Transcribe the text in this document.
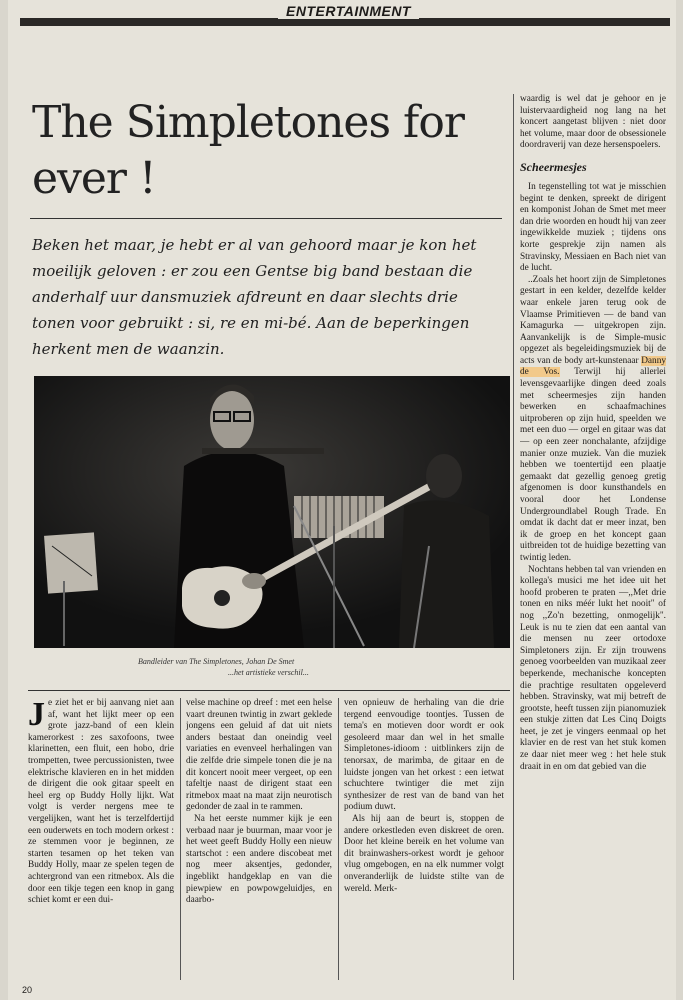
ENTERTAINMENT
The Simpletones for ever !

Beken het maar, je hebt er al van gehoord maar je kon het moeilijk geloven : er zou een Gentse big band bestaan die anderhalf uur dansmuziek afdreunt en daar slechts drie tonen voor gebruikt : si, re en mi-bé. Aan de beperkingen herkent men de waanzin.

Bandleider van The Simpletones, Johan De Smet
...het artistieke verschil...
J e ziet het er bij aanvang niet aan af, want het lijkt meer op een grote jazz-band of een klein kamerorkest : zes saxofoons, twee klarinetten, een fluit, een hobo, drie trompetten, twee percussionisten, twee elektrische klavieren en in het midden de dirigent die ook gitaar speelt en heel erg op Buddy Holly lijkt. Wat volgt is verder nergens mee te vergelijken, want het is terzelfdertijd een ouderwets en toch modern orkest : ze stemmen voor je beginnen, ze starten tesamen op het teken van Buddy Holly, maar ze spelen tegen de achtergrond van een ritmebox. Als die door een tikje tegen een knop in gang schiet komt er een dui-

velse machine op dreef : met een helse vaart dreunen twintig in zwart geklede jongens een geluid af dat uit niets anders bestaat dan oneindig veel variaties en evenveel herhalingen van die zelfde drie simpele tonen die je na dit koncert nooit meer vergeet, op een tafeltje naast de dirigent staat een ritmebox maat na maat zijn neurotisch gedonder de zaal in te rammen.

Na het eerste nummer kijk je een verbaad naar je buurman, maar voor je het weet geeft Buddy Holly een nieuw startschot : een andere discobeat met nog meer aksentjes, gedonder, ingeblikt handgeklap en van die piewpiew en powpowgeluidjes, en daarbo-

ven opnieuw de herhaling van die drie tergend eenvoudige toontjes. Tussen de tema's en motieven door wordt er ook gesoleerd maar dan wel in het smalle Simpletones-idioom : uitblinkers zijn de tenorsax, de marimba, de gitaar en de luidste jongen van het orkest : een ietwat schuchtere twintiger die met zijn synthesizer de rest van de band van het podium duwt.

Als hij aan de beurt is, stoppen de andere orkestleden even diskreet de oren. Door het kleine bereik en het volume van dit brainwashers-orkest wordt je gehoor vlug omgebogen, en na elk nummer volgt onveranderlijk de luidste stilte van de wereld. Merk-

waardig is wel dat je gehoor en je luistervaardigheid nog lang na het koncert aangetast blijven : niet door het volume, maar door de obsessionele doordraverij van deze hersenspoelers.

Scheermesjes

In tegenstelling tot wat je misschien begint te denken, spreekt de dirigent en komponist Johan de Smet met meer dan drie woorden en houdt hij van zeer ingewikkelde muziek ; tijdens ons korte gesprekje zijn namen als Stravinsky, Messiaen en Bach niet van de lucht.

..Zoals het hoort zijn de Simpletones gestart in een kelder, dezelfde kelder waar enkele jaren terug ook de Vlaamse Primitieven — de band van Kamagurka — uitgekropen zijn. Aanvankelijk is de Simple-music opgezet als begeleidingsmuziek bij de acts van de body art-kunstenaar Danny de Vos. Terwijl hij allerlei levensgevaarlijke dingen deed zoals met scheermesjes zijn handen bewerken en schaafmachines uitproberen op zijn huid, speelden we met een duo — orgel en gitaar was dat — op een zeer nonchalante, afzijdige manier onze muziek. Van die muziek hebben we toentertijd een plaatje gemaakt dat gezellig genoeg gretig afgenomen is door kunsthandels en vooral door het Londense Undergroundlabel Rough Trade. En omdat ik dacht dat er meer inzat, ben ik de groep en het koncept gaan uitbreiden tot de huidige bezetting van twintig leden.

Nochtans hebben tal van vrienden en kollega's musici me het idee uit het hoofd proberen te praten —,,Met drie tonen en niks méér lukt het nooit" of nog ,,Zo'n bezetting, onmogelijk". Leuk is nu te zien dat een aantal van die mensen nu zeer ortodoxe Simpletoners zijn. Er zijn trouwens genoeg voorbeelden van muzikaal zeer beperkende, mechanische koncepten die prachtige resultaten opgeleverd hebben. Stravinsky, wat mij betreft de grootste, heeft tussen zijn pianomuziek een stukje zitten dat Les Cinq Doigts heet, je zet je vingers eenmaal op het klavier en de rest van het stuk komen ze daar niet meer weg : het hele stuk draait in en om dat gebied van die

20
